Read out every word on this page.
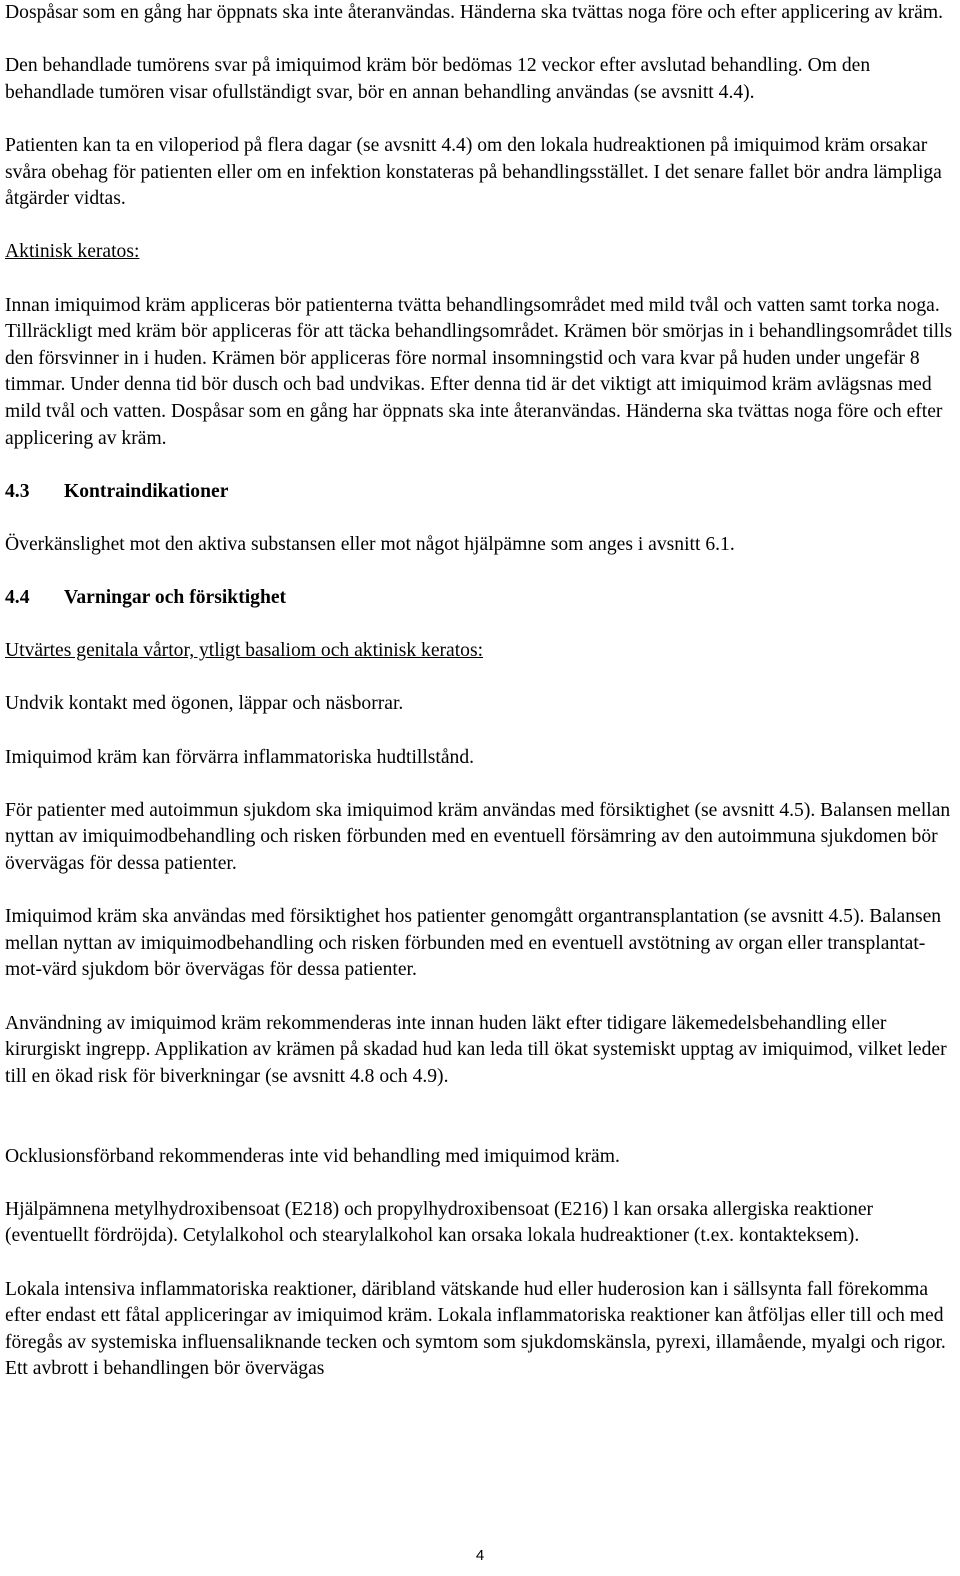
Dospåsar som en gång har öppnats ska inte återanvändas. Händerna ska tvättas noga före och efter applicering av kräm.

Den behandlade tumörens svar på imiquimod kräm bör bedömas 12 veckor efter avslutad behandling. Om den behandlade tumören visar ofullständigt svar, bör en annan behandling användas (se avsnitt 4.4).

Patienten kan ta en viloperiod på flera dagar (se avsnitt 4.4) om den lokala hudreaktionen på imiquimod kräm orsakar svåra obehag för patienten eller om en infektion konstateras på behandlingsstället. I det senare fallet bör andra lämpliga åtgärder vidtas.

Aktinisk keratos:

Innan imiquimod kräm appliceras bör patienterna tvätta behandlingsområdet med mild tvål och vatten samt torka noga. Tillräckligt med kräm bör appliceras för att täcka behandlingsområdet. Krämen bör smörjas in i behandlingsområdet tills den försvinner in i huden. Krämen bör appliceras före normal insomningstid och vara kvar på huden under ungefär 8 timmar. Under denna tid bör dusch och bad undvikas. Efter denna tid är det viktigt att imiquimod kräm avlägsnas med mild tvål och vatten. Dospåsar som en gång har öppnats ska inte återanvändas. Händerna ska tvättas noga före och efter applicering av kräm.

4.3	Kontraindikationer

Överkänslighet mot den aktiva substansen eller mot något hjälpämne som anges i avsnitt 6.1.

4.4	Varningar och försiktighet

Utvärtes genitala vårtor, ytligt basaliom och aktinisk keratos:

Undvik kontakt med ögonen, läppar och näsborrar.

Imiquimod kräm kan förvärra inflammatoriska hudtillstånd.

För patienter med autoimmun sjukdom ska imiquimod kräm användas med försiktighet (se avsnitt 4.5). Balansen mellan nyttan av imiquimodbehandling och risken förbunden med en eventuell försämring av den autoimmuna sjukdomen bör övervägas för dessa patienter.

Imiquimod kräm ska användas med försiktighet hos patienter genomgått organtransplantation (se avsnitt 4.5). Balansen mellan nyttan av imiquimodbehandling och risken förbunden med en eventuell avstötning av organ eller transplantat-mot-värd sjukdom bör övervägas för dessa patienter.

Användning av imiquimod kräm rekommenderas inte innan huden läkt efter tidigare läkemedelsbehandling eller kirurgiskt ingrepp. Applikation av krämen på skadad hud kan leda till ökat systemiskt upptag av imiquimod, vilket leder till en ökad risk för biverkningar (se avsnitt 4.8 och 4.9).

Ocklusionsförband rekommenderas inte vid behandling med imiquimod kräm.

Hjälpämnena metylhydroxibensoat (E218) och propylhydroxibensoat (E216) l kan orsaka allergiska reaktioner (eventuellt fördröjda). Cetylalkohol och stearylalkohol kan orsaka lokala hudreaktioner (t.ex. kontakteksem).

Lokala intensiva inflammatoriska reaktioner, däribland vätskande hud eller huderosion kan i sällsynta fall förekomma efter endast ett fåtal appliceringar av imiquimod kräm. Lokala inflammatoriska reaktioner kan åtföljas eller till och med föregås av systemiska influensaliknande tecken och symtom som sjukdomskänsla, pyrexi, illamående, myalgi och rigor. Ett avbrott i behandlingen bör övervägas

4
